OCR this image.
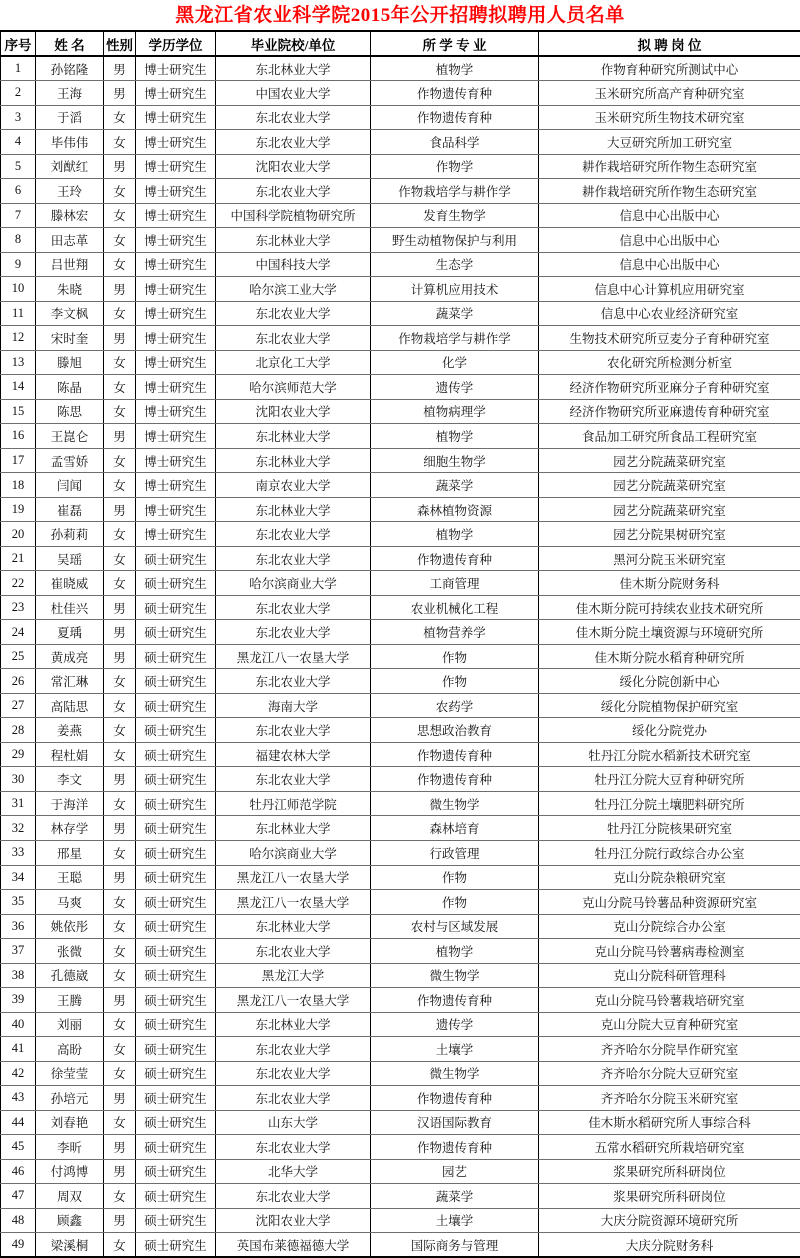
黑龙江省农业科学院2015年公开招聘拟聘用人员名单
序号	姓 名	性别	学历学位	毕业院校/单位	所 学 专 业	拟 聘 岗 位
1	孙铭隆	男	博士研究生	东北林业大学	植物学	作物育种研究所测试中心
2	王海	男	博士研究生	中国农业大学	作物遗传育种	玉米研究所高产育种研究室
3	于滔	女	博士研究生	东北农业大学	作物遗传育种	玉米研究所生物技术研究室
4	毕伟伟	女	博士研究生	东北农业大学	食品科学	大豆研究所加工研究室
5	刘猷红	男	博士研究生	沈阳农业大学	作物学	耕作栽培研究所作物生态研究室
6	王玲	女	博士研究生	东北农业大学	作物栽培学与耕作学	耕作栽培研究所作物生态研究室
7	滕林宏	女	博士研究生	中国科学院植物研究所	发育生物学	信息中心出版中心
8	田志革	女	博士研究生	东北林业大学	野生动植物保护与利用	信息中心出版中心
9	吕世翔	女	博士研究生	中国科技大学	生态学	信息中心出版中心
10	朱晓	男	博士研究生	哈尔滨工业大学	计算机应用技术	信息中心计算机应用研究室
11	李文枫	女	博士研究生	东北农业大学	蔬菜学	信息中心农业经济研究室
12	宋时奎	男	博士研究生	东北农业大学	作物栽培学与耕作学	生物技术研究所豆麦分子育种研究室
13	滕旭	女	博士研究生	北京化工大学	化学	农化研究所检测分析室
14	陈晶	女	博士研究生	哈尔滨师范大学	遗传学	经济作物研究所亚麻分子育种研究室
15	陈思	女	博士研究生	沈阳农业大学	植物病理学	经济作物研究所亚麻遗传育种研究室
16	王崑仑	男	博士研究生	东北林业大学	植物学	食品加工研究所食品工程研究室
17	孟雪娇	女	博士研究生	东北林业大学	细胞生物学	园艺分院蔬菜研究室
18	闫闻	女	博士研究生	南京农业大学	蔬菜学	园艺分院蔬菜研究室
19	崔磊	男	博士研究生	东北林业大学	森林植物资源	园艺分院蔬菜研究室
20	孙莉莉	女	博士研究生	东北农业大学	植物学	园艺分院果树研究室
21	吴瑶	女	硕士研究生	东北农业大学	作物遗传育种	黑河分院玉米研究室
22	崔晓威	女	硕士研究生	哈尔滨商业大学	工商管理	佳木斯分院财务科
23	杜佳兴	男	硕士研究生	东北农业大学	农业机械化工程	佳木斯分院可持续农业技术研究所
24	夏瑀	男	硕士研究生	东北农业大学	植物营养学	佳木斯分院土壤资源与环境研究所
25	黄成亮	男	硕士研究生	黑龙江八一农垦大学	作物	佳木斯分院水稻育种研究所
26	常汇琳	女	硕士研究生	东北农业大学	作物	绥化分院创新中心
27	高陆思	女	硕士研究生	海南大学	农药学	绥化分院植物保护研究室
28	姜燕	女	硕士研究生	东北农业大学	思想政治教育	绥化分院党办
29	程杜娟	女	硕士研究生	福建农林大学	作物遗传育种	牡丹江分院水稻新技术研究室
30	李文	男	硕士研究生	东北农业大学	作物遗传育种	牡丹江分院大豆育种研究所
31	于海洋	女	硕士研究生	牡丹江师范学院	微生物学	牡丹江分院土壤肥料研究所
32	林存学	男	硕士研究生	东北林业大学	森林培育	牡丹江分院核果研究室
33	邢星	女	硕士研究生	哈尔滨商业大学	行政管理	牡丹江分院行政综合办公室
34	王聪	男	硕士研究生	黑龙江八一农垦大学	作物	克山分院杂粮研究室
35	马爽	女	硕士研究生	黑龙江八一农垦大学	作物	克山分院马铃薯品种资源研究室
36	姚依彤	女	硕士研究生	东北林业大学	农村与区域发展	克山分院综合办公室
37	张微	女	硕士研究生	东北农业大学	植物学	克山分院马铃薯病毒检测室
38	孔德崴	女	硕士研究生	黑龙江大学	微生物学	克山分院科研管理科
39	王腾	男	硕士研究生	黑龙江八一农垦大学	作物遗传育种	克山分院马铃薯栽培研究室
40	刘丽	女	硕士研究生	东北林业大学	遗传学	克山分院大豆育种研究室
41	高盼	女	硕士研究生	东北农业大学	土壤学	齐齐哈尔分院旱作研究室
42	徐莹莹	女	硕士研究生	东北农业大学	微生物学	齐齐哈尔分院大豆研究室
43	孙培元	男	硕士研究生	东北农业大学	作物遗传育种	齐齐哈尔分院玉米研究室
44	刘春艳	女	硕士研究生	山东大学	汉语国际教育	佳木斯水稻研究所人事综合科
45	李昕	男	硕士研究生	东北农业大学	作物遗传育种	五常水稻研究所栽培研究室
46	付鸿博	男	硕士研究生	北华大学	园艺	浆果研究所科研岗位
47	周双	女	硕士研究生	东北农业大学	蔬菜学	浆果研究所科研岗位
48	顾鑫	男	硕士研究生	沈阳农业大学	土壤学	大庆分院资源环境研究所
49	梁溪桐	女	硕士研究生	英国布莱德福德大学	国际商务与管理	大庆分院财务科
